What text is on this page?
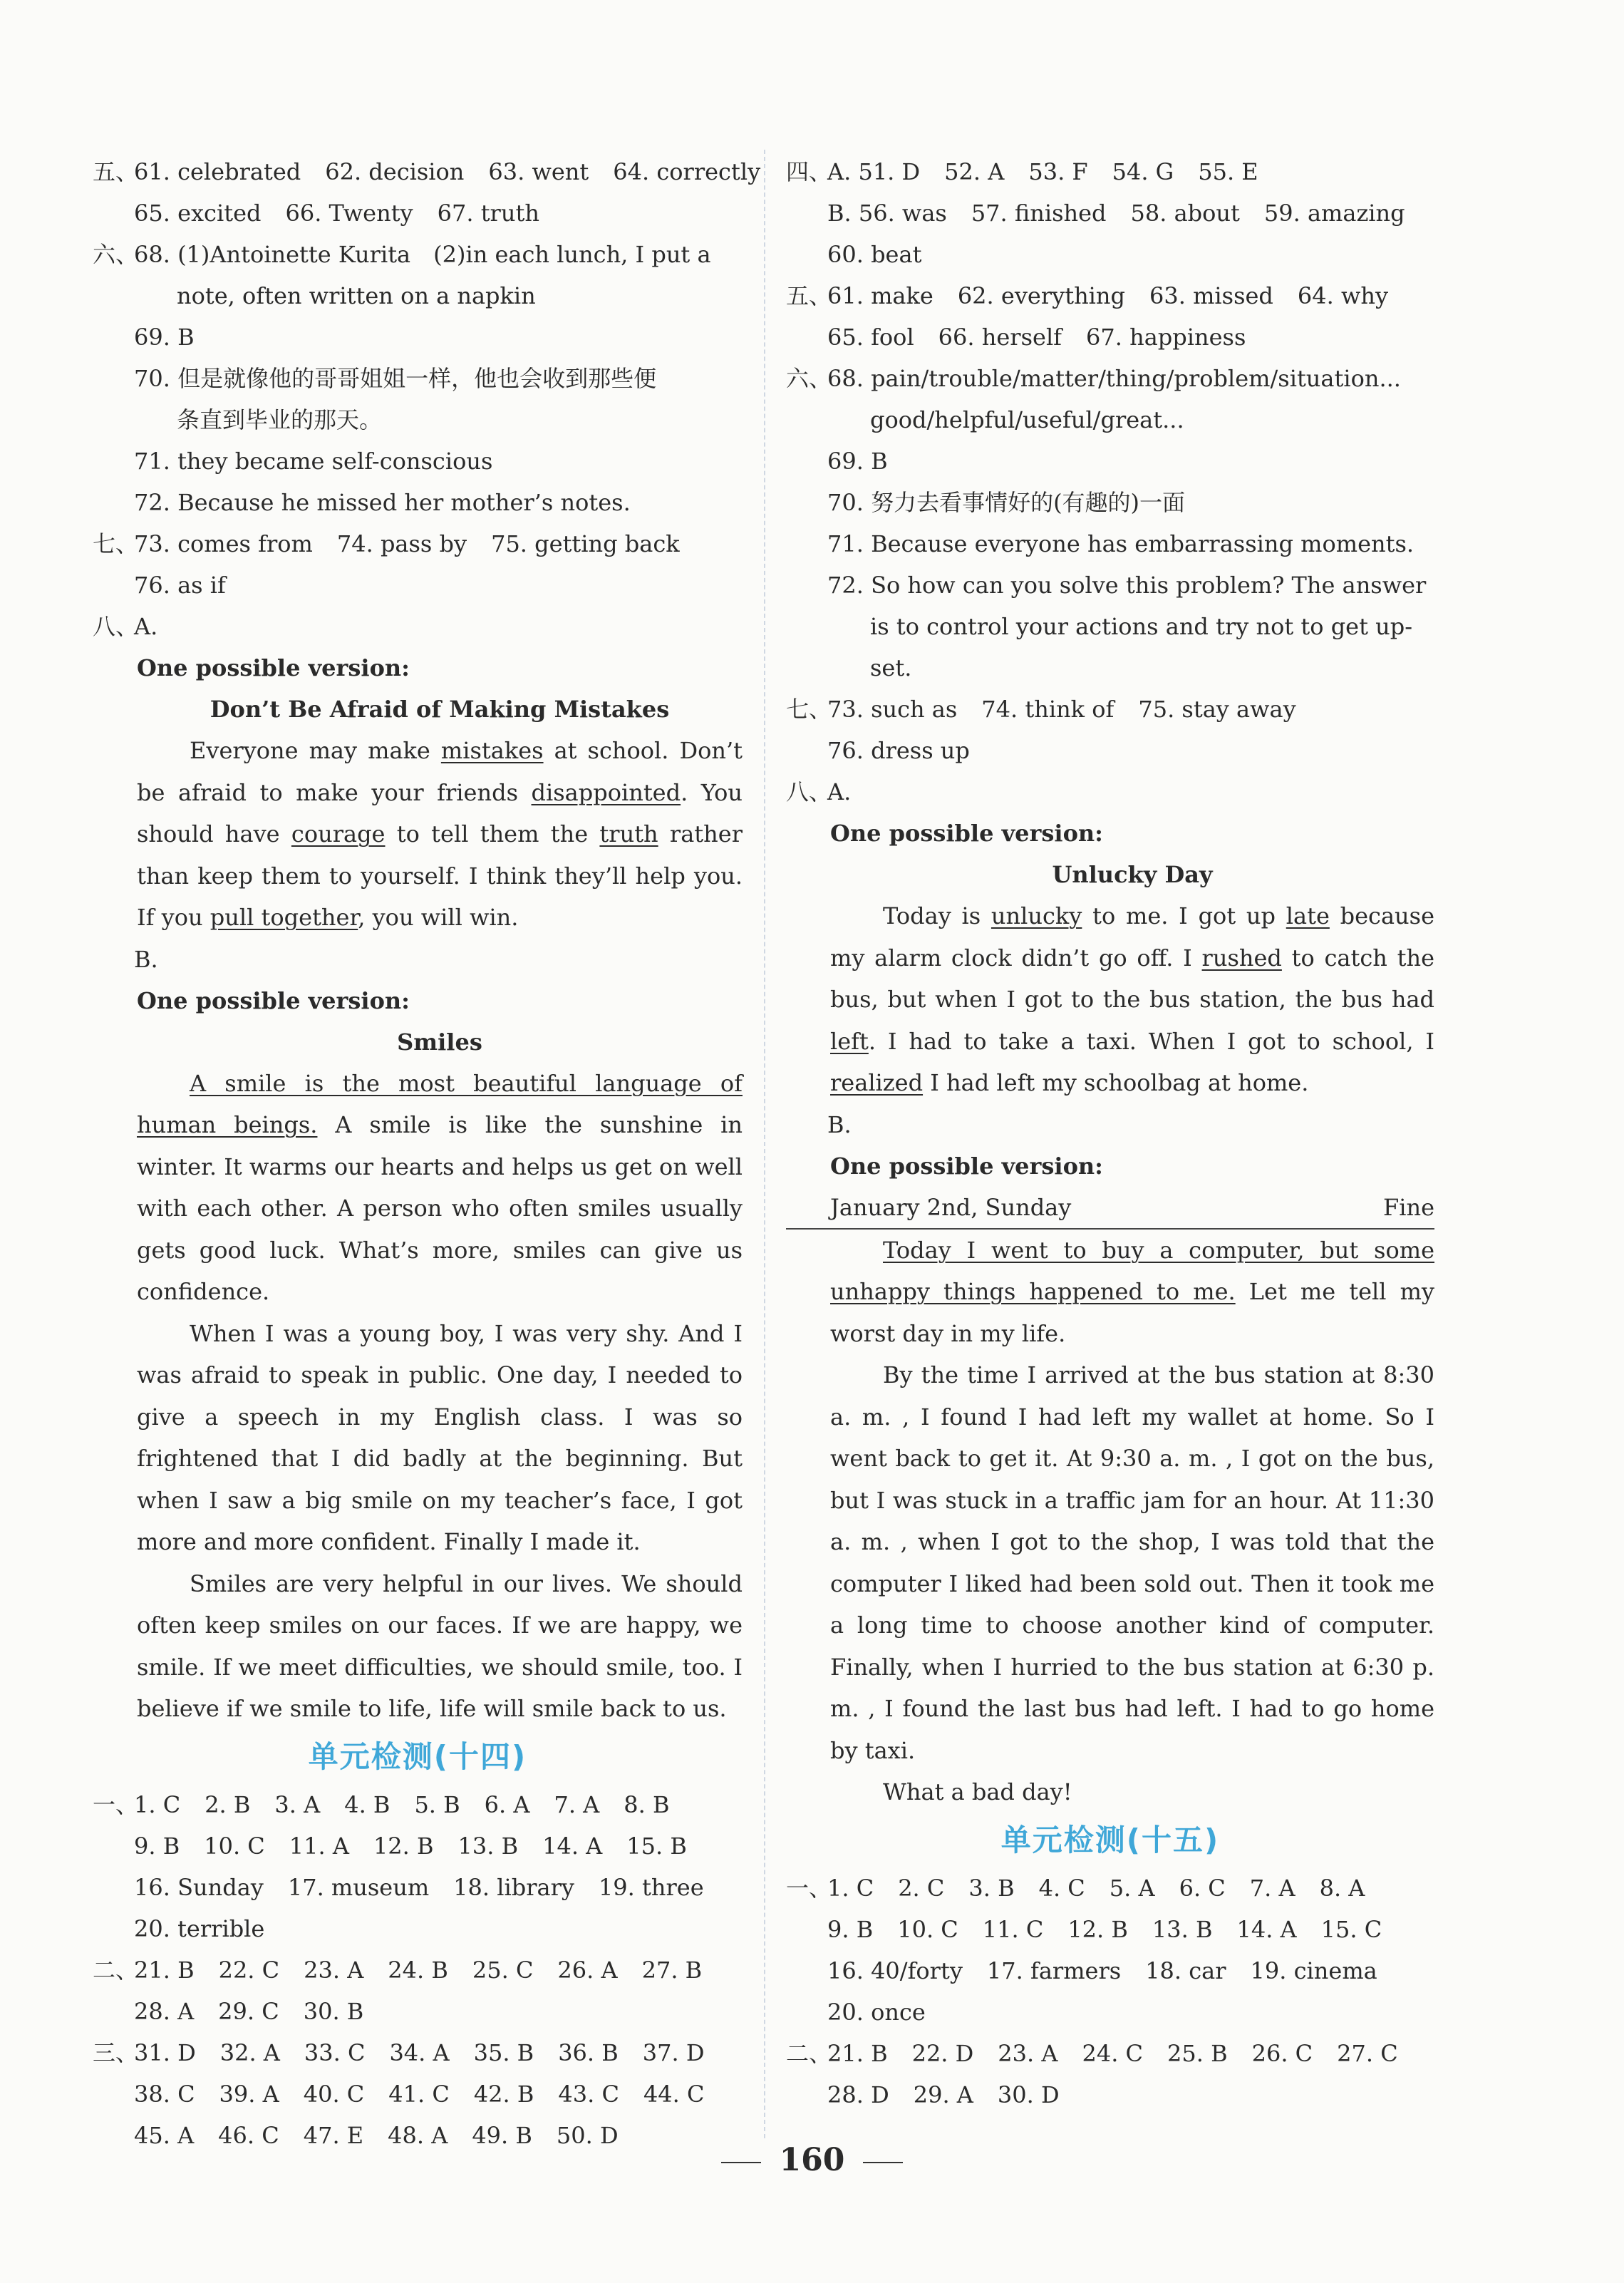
五、
61. celebrated 62. decision 63. went 64. correctly
65. excited 66. Twenty 67. truth
六、
68. (1)Antoinette Kurita　(2)in each lunch, I put a
note, often written on a napkin
69. B
70. 但是就像他的哥哥姐姐一样，他也会收到那些便
条直到毕业的那天。
71. they became self-conscious
72. Because he missed her mother’s notes.
七、
73. comes from 74. pass by 75. getting back
76. as if
八、
A.
One possible version:
Don’t Be Afraid of Making Mistakes

Everyone may make mistakes at school. Don’t be afraid to make your friends disappointed. You should have courage to tell them the truth rather than keep them to yourself. I think they’ll help you. If you pull together, you will win.

B.
One possible version:
Smiles

A smile is the most beautiful language of human beings. A smile is like the sunshine in winter. It warms our hearts and helps us get on well with each other. A person who often smiles usually gets good luck. What’s more, smiles can give us confidence.

When I was a young boy, I was very shy. And I was afraid to speak in public. One day, I needed to give a speech in my English class. I was so frightened that I did badly at the beginning. But when I saw a big smile on my teacher’s face, I got more and more confident. Finally I made it.

Smiles are very helpful in our lives. We should often keep smiles on our faces. If we are happy, we smile. If we meet difficulties, we should smile, too. I believe if we smile to life, life will smile back to us.

单元检测(十四)
一、
1. C 2. B 3. A 4. B 5. B 6. A 7. A 8. B
9. B 10. C 11. A 12. B 13. B 14. A 15. B
16. Sunday 17. museum 18. library 19. three
20. terrible
二、
21. B 22. C 23. A 24. B 25. C 26. A 27. B
28. A 29. C 30. B
三、
31. D 32. A 33. C 34. A 35. B 36. B 37. D
38. C 39. A 40. C 41. C 42. B 43. C 44. C
45. A 46. C 47. E 48. A 49. B 50. D
四、
A. 51. D 52. A 53. F 54. G 55. E
B. 56. was 57. finished 58. about 59. amazing
60. beat
五、
61. make 62. everything 63. missed 64. why
65. fool 66. herself 67. happiness
六、
68. pain/trouble/matter/thing/problem/situation...
good/helpful/useful/great...
69. B
70. 努力去看事情好的(有趣的)一面
71. Because everyone has embarrassing moments.
72. So how can you solve this problem? The answer
is to control your actions and try not to get up-
set.
七、
73. such as 74. think of 75. stay away
76. dress up
八、
A.
One possible version:
Unlucky Day

Today is unlucky to me. I got up late because my alarm clock didn’t go off. I rushed to catch the bus, but when I got to the bus station, the bus had left. I had to take a taxi. When I got to school, I realized I had left my schoolbag at home.

B.
One possible version:
January 2nd, Sunday	Fine

Today I went to buy a computer, but some unhappy things happened to me. Let me tell my worst day in my life.

By the time I arrived at the bus station at 8:30 a. m. , I found I had left my wallet at home. So I went back to get it. At 9:30 a. m. , I got on the bus, but I was stuck in a traffic jam for an hour. At 11:30 a. m. , when I got to the shop, I was told that the computer I liked had been sold out. Then it took me a long time to choose another kind of computer. Finally, when I hurried to the bus station at 6:30 p. m. , I found the last bus had left. I had to go home by taxi.

What a bad day!

单元检测(十五)
一、
1. C 2. C 3. B 4. C 5. A 6. C 7. A 8. A
9. B 10. C 11. C 12. B 13. B 14. A 15. C
16. 40/forty 17. farmers 18. car 19. cinema
20. once
二、
21. B 22. D 23. A 24. C 25. B 26. C 27. C
28. D 29. A 30. D
160
